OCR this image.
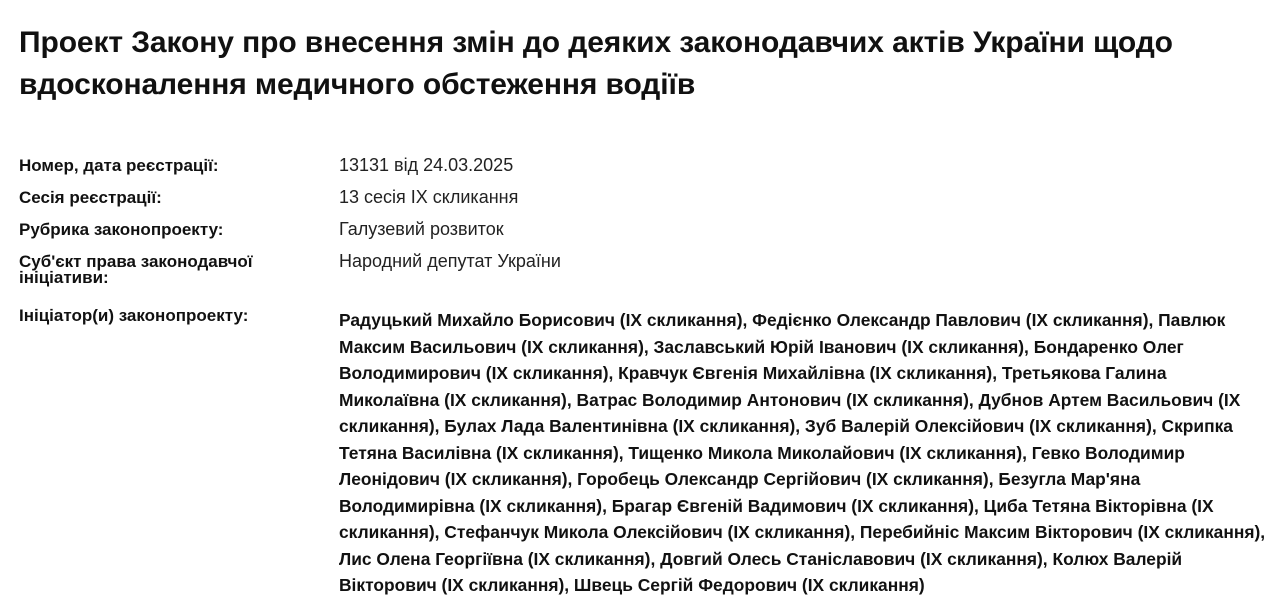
Проект Закону про внесення змін до деяких законодавчих актів України щодо вдосконалення медичного обстеження водіїв
Номер, дата реєстрації:	13131 від 24.03.2025
Сесія реєстрації:	13 сесія IX скликання
Рубрика законопроекту:	Галузевий розвиток
Суб'єкт права законодавчої ініціативи:
Народний депутат України
Ініціатор(и) законопроекту:	Радуцький Михайло Борисович (IX скликання), Федієнко Олександр Павлович (IX скликання), Павлюк Максим Васильович (IX скликання), Заславський Юрій Іванович (IX скликання), Бондаренко Олег Володимирович (IX скликання), Кравчук Євгенія Михайлівна (IX скликання), Третьякова Галина Миколаївна (IX скликання), Ватрас Володимир Антонович (IX скликання), Дубнов Артем Васильович (IX скликання), Булах Лада Валентинівна (IX скликання), Зуб Валерій Олексійович (IX скликання), Скрипка Тетяна Василівна (IX скликання), Тищенко Микола Миколайович (IX скликання), Гевко Володимир Леонідович (IX скликання), Горобець Олександр Сергійович (IX скликання), Безугла Мар'яна Володимирівна (IX скликання), Брагар Євгеній Вадимович (IX скликання), Циба Тетяна Вікторівна (IX скликання), Стефанчук Микола Олексійович (IX скликання), Перебийніс Максим Вікторович (IX скликання), Лис Олена Георгіївна (IX скликання), Довгий Олесь Станіславович (IX скликання), Колюх Валерій Вікторович (IX скликання), Швець Сергій Федорович (IX скликання)
